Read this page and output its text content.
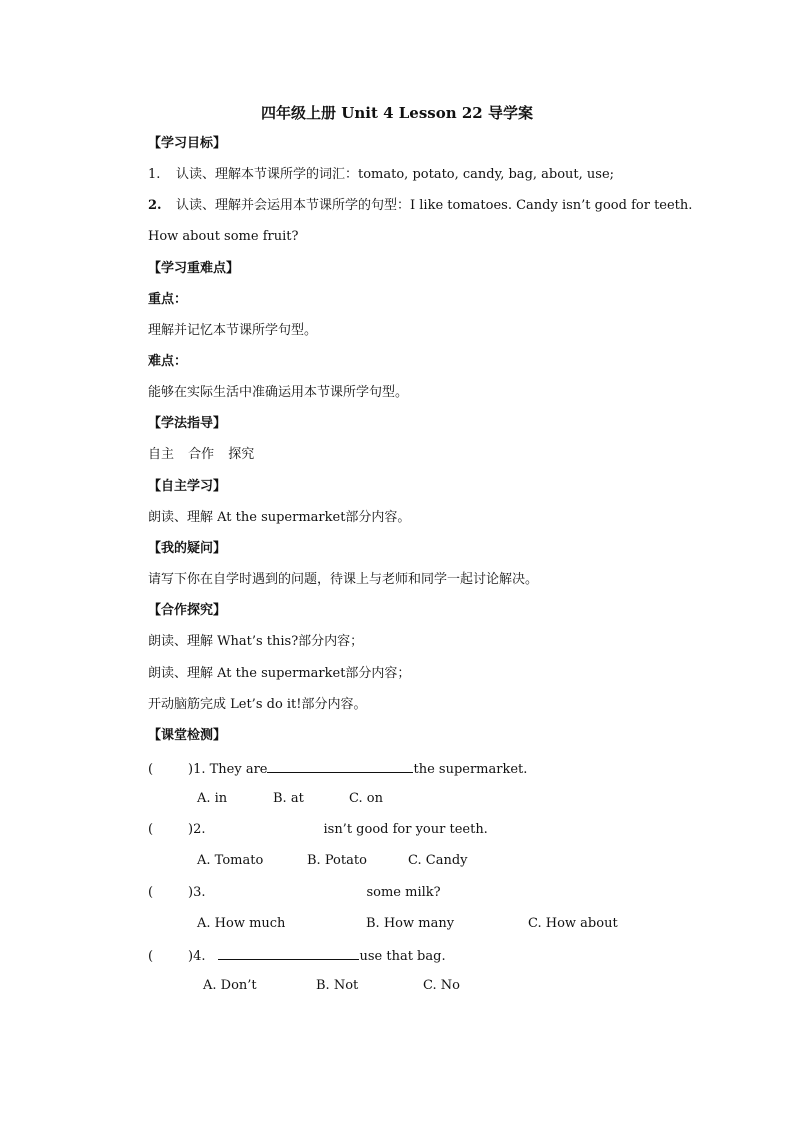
四年级上册 Unit 4 Lesson 22 导学案
【学习目标】
1. 认读、理解本节课所学的词汇：tomato, potato, candy, bag, about, use;
2. 认读、理解并会运用本节课所学的句型：I like tomatoes. Candy isn’t good for teeth.
How about some fruit?
【学习重难点】
重点：
理解并记忆本节课所学句型。
难点：
能够在实际生活中准确运用本节课所学句型。
【学法指导】
自主 合作 探究
【自主学习】
朗读、理解 At the supermarket部分内容。
【我的疑问】
请写下你在自学时遇到的问题，待课上与老师和同学一起讨论解决。
【合作探究】
朗读、理解 What’s this?部分内容；
朗读、理解 At the supermarket部分内容；
开动脑筋完成 Let’s do it!部分内容。
【课堂检测】
(	)1. They are	the supermarket.
A. in	B. at	C. on
(	)2.	isn’t good for your teeth.
A. Tomato	B. Potato	C. Candy
(	)3.	some milk?
A. How much	B. How many	C. How about
(	)4.	use that bag.
A. Don’t	B. Not	C. No
